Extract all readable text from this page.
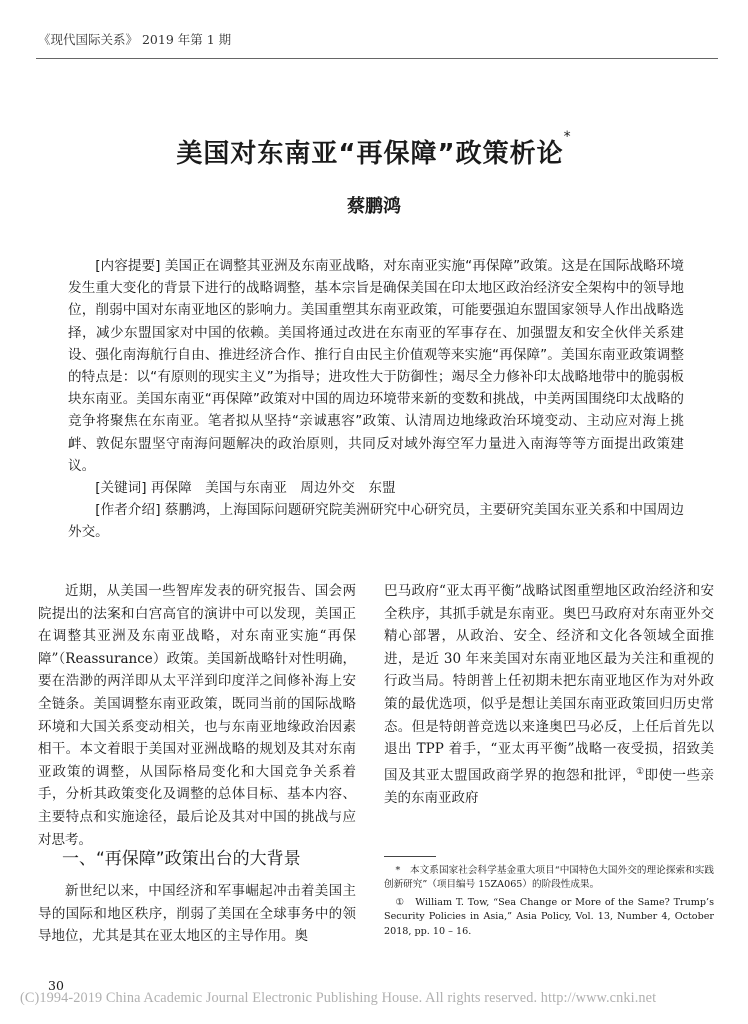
《现代国际关系》 2019 年第 1 期
美国对东南亚“再保障”政策析论*
蔡鹏鸿

[内容提要] 美国正在调整其亚洲及东南亚战略，对东南亚实施“再保障”政策。这是在国际战略环境发生重大变化的背景下进行的战略调整，基本宗旨是确保美国在印太地区政治经济安全架构中的领导地位，削弱中国对东南亚地区的影响力。美国重塑其东南亚政策，可能要强迫东盟国家领导人作出战略选择，减少东盟国家对中国的依赖。美国将通过改进在东南亚的军事存在、加强盟友和安全伙伴关系建设、强化南海航行自由、推进经济合作、推行自由民主价值观等来实施“再保障”。美国东南亚政策调整的特点是：以“有原则的现实主义”为指导；进攻性大于防御性；竭尽全力修补印太战略地带中的脆弱板块东南亚。美国东南亚“再保障”政策对中国的周边环境带来新的变数和挑战，中美两国围绕印太战略的竞争将聚焦在东南亚。笔者拟从坚持“亲诚惠容”政策、认清周边地缘政治环境变动、主动应对海上挑衅、敦促东盟坚守南海问题解决的政治原则，共同反对域外海空军力量进入南海等等方面提出政策建议。

[关键词] 再保障　美国与东南亚　周边外交　东盟

[作者介绍] 蔡鹏鸿，上海国际问题研究院美洲研究中心研究员，主要研究美国东亚关系和中国周边外交。

近期，从美国一些智库发表的研究报告、国会两院提出的法案和白宫高官的演讲中可以发现，美国正在调整其亚洲及东南亚战略，对东南亚实施“再保障”（Reassurance）政策。美国新战略针对性明确，要在浩渺的两洋即从太平洋到印度洋之间修补海上安全链条。美国调整东南亚政策，既同当前的国际战略环境和大国关系变动相关，也与东南亚地缘政治因素相干。本文着眼于美国对亚洲战略的规划及其对东南亚政策的调整，从国际格局变化和大国竞争关系着手，分析其政策变化及调整的总体目标、基本内容、主要特点和实施途径，最后论及其对中国的挑战与应对思考。

一、“再保障”政策出台的大背景

新世纪以来，中国经济和军事崛起冲击着美国主导的国际和地区秩序，削弱了美国在全球事务中的领导地位，尤其是其在亚太地区的主导作用。奥

巴马政府“亚太再平衡”战略试图重塑地区政治经济和安全秩序，其抓手就是东南亚。奥巴马政府对东南亚外交精心部署，从政治、安全、经济和文化各领域全面推进，是近 30 年来美国对东南亚地区最为关注和重视的行政当局。特朗普上任初期未把东南亚地区作为对外政策的最优选项，似乎是想让美国东南亚政策回归历史常态。但是特朗普竞选以来逢奥巴马必反，上任后首先以退出 TPP 着手，“亚太再平衡”战略一夜受损，招致美国及其亚太盟国政商学界的抱怨和批评，①即使一些亲美的东南亚政府

*　本文系国家社会科学基金重大项目“中国特色大国外交的理论探索和实践创新研究”（项目编号 15ZA065）的阶段性成果。

①　William T. Tow, “Sea Change or More of the Same? Trump’s Security Policies in Asia,” Asia Policy, Vol. 13, Number 4, October 2018, pp. 10 – 16.

30
(C)1994-2019 China Academic Journal Electronic Publishing House. All rights reserved. http://www.cnki.net
